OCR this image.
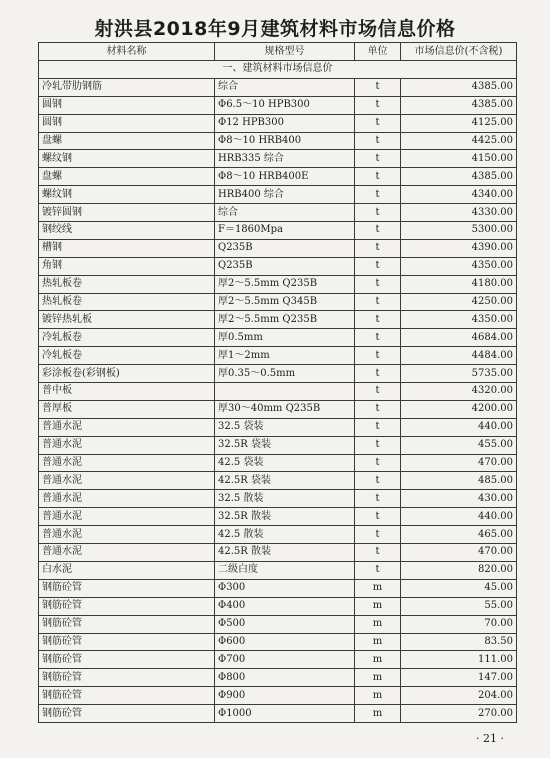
射洪县2018年9月建筑材料市场信息价格
材料名称	规格型号	单位	市场信息价(不含税)
一、建筑材料市场信息价			
冷轧带肋钢筋	综合	t	4385.00
圆钢	Φ6.5～10 HPB300	t	4385.00
圆钢	Φ12 HPB300	t	4125.00
盘螺	Φ8～10 HRB400	t	4425.00
螺纹钢	HRB335 综合	t	4150.00
盘螺	Φ8～10 HRB400E	t	4385.00
螺纹钢	HRB400 综合	t	4340.00
镀锌圆钢	综合	t	4330.00
钢绞线	F＝1860Mpa	t	5300.00
槽钢	Q235B	t	4390.00
角钢	Q235B	t	4350.00
热轧板卷	厚2～5.5mm Q235B	t	4180.00
热轧板卷	厚2～5.5mm Q345B	t	4250.00
镀锌热轧板	厚2～5.5mm Q235B	t	4350.00
冷轧板卷	厚0.5mm	t	4684.00
冷轧板卷	厚1～2mm	t	4484.00
彩涂板卷(彩钢板)	厚0.35～0.5mm	t	5735.00
普中板		t	4320.00
普厚板	厚30～40mm Q235B	t	4200.00
普通水泥	32.5 袋装	t	440.00
普通水泥	32.5R 袋装	t	455.00
普通水泥	42.5 袋装	t	470.00
普通水泥	42.5R 袋装	t	485.00
普通水泥	32.5 散装	t	430.00
普通水泥	32.5R 散装	t	440.00
普通水泥	42.5 散装	t	465.00
普通水泥	42.5R 散装	t	470.00
白水泥	二级白度	t	820.00
钢筋砼管	Φ300	m	45.00
钢筋砼管	Φ400	m	55.00
钢筋砼管	Φ500	m	70.00
钢筋砼管	Φ600	m	83.50
钢筋砼管	Φ700	m	111.00
钢筋砼管	Φ800	m	147.00
钢筋砼管	Φ900	m	204.00
钢筋砼管	Φ1000	m	270.00
· 21 ·
